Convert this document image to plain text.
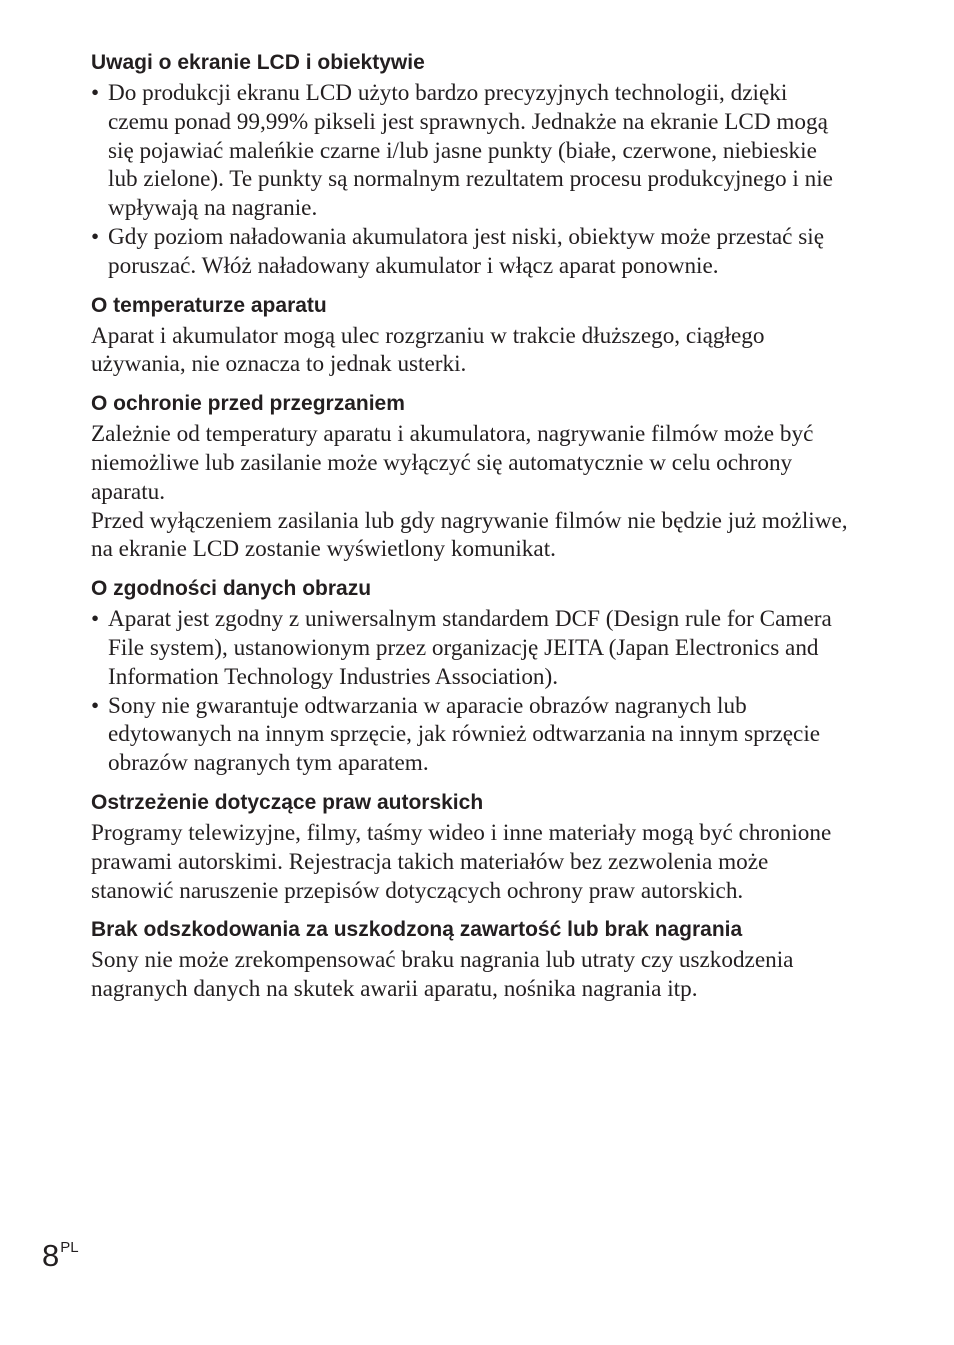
Uwagi o ekranie LCD i obiektywie
• Do produkcji ekranu LCD użyto bardzo precyzyjnych technologii, dzięki czemu ponad 99,99% pikseli jest sprawnych. Jednakże na ekranie LCD mogą się pojawiać maleńkie czarne i/lub jasne punkty (białe, czerwone, niebieskie lub zielone). Te punkty są normalnym rezultatem procesu produkcyjnego i nie wpływają na nagranie.
• Gdy poziom naładowania akumulatora jest niski, obiektyw może przestać się poruszać. Włóż naładowany akumulator i włącz aparat ponownie.
O temperaturze aparatu

Aparat i akumulator mogą ulec rozgrzaniu w trakcie dłuższego, ciągłego używania, nie oznacza to jednak usterki.

O ochronie przed przegrzaniem

Zależnie od temperatury aparatu i akumulatora, nagrywanie filmów może być niemożliwe lub zasilanie może wyłączyć się automatycznie w celu ochrony aparatu.

Przed wyłączeniem zasilania lub gdy nagrywanie filmów nie będzie już możliwe, na ekranie LCD zostanie wyświetlony komunikat.

O zgodności danych obrazu
• Aparat jest zgodny z uniwersalnym standardem DCF (Design rule for Camera File system), ustanowionym przez organizację JEITA (Japan Electronics and Information Technology Industries Association).
• Sony nie gwarantuje odtwarzania w aparacie obrazów nagranych lub edytowanych na innym sprzęcie, jak również odtwarzania na innym sprzęcie obrazów nagranych tym aparatem.
Ostrzeżenie dotyczące praw autorskich

Programy telewizyjne, filmy, taśmy wideo i inne materiały mogą być chronione prawami autorskimi. Rejestracja takich materiałów bez zezwolenia może stanowić naruszenie przepisów dotyczących ochrony praw autorskich.

Brak odszkodowania za uszkodzoną zawartość lub brak nagrania

Sony nie może zrekompensować braku nagrania lub utraty czy uszkodzenia nagranych danych na skutek awarii aparatu, nośnika nagrania itp.

8PL
